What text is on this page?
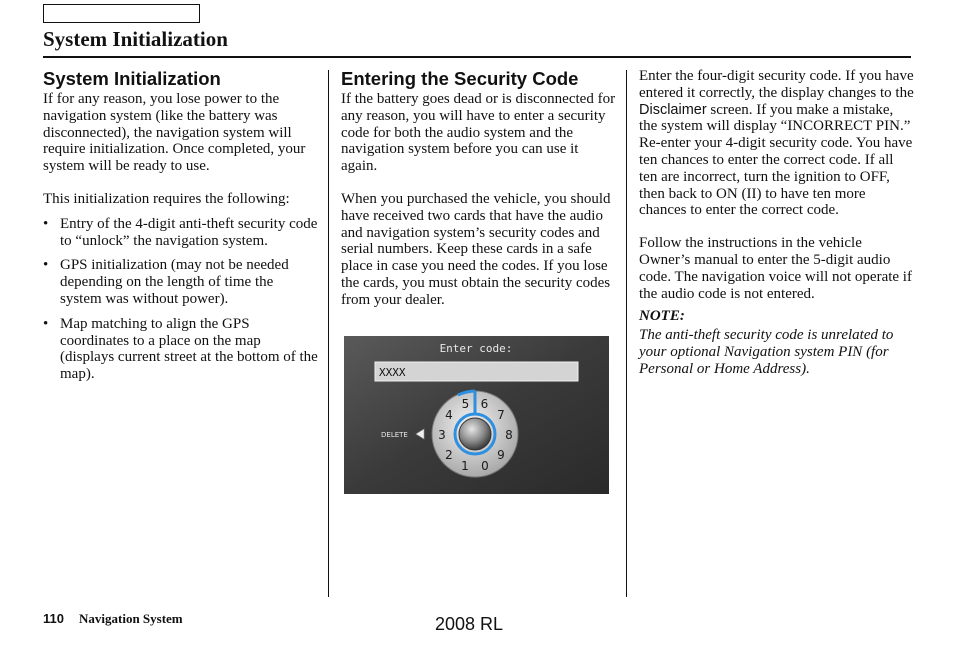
System Initialization
System Initialization

If for any reason, you lose power to the navigation system (like the battery was disconnected), the navigation system will require initialization. Once completed, your system will be ready to use.

This initialization requires the following:

• Entry of the 4-digit anti-theft security code to “unlock” the navigation system.
• GPS initialization (may not be needed depending on the length of time the system was without power).
• Map matching to align the GPS coordinates to a place on the map (displays current street at the bottom of the map).
Entering the Security Code

If the battery goes dead or is disconnected for any reason, you will have to enter a security code for both the audio system and the navigation system before you can use it again.

When you purchased the vehicle, you should have received two cards that have the audio and navigation system’s security codes and serial numbers. Keep these cards in a safe place in case you need the codes. If you lose the cards, you must obtain the security codes from your dealer.

Enter code:
XXXX
DELETE
5 6
7
8
9
0
1
2
3
4

Enter the four-digit security code. If you have entered it correctly, the display changes to the Disclaimer screen. If you make a mistake, the system will display “INCORRECT PIN.” Re-enter your 4-digit security code. You have ten chances to enter the correct code. If all ten are incorrect, turn the ignition to OFF, then back to ON (II) to have ten more chances to enter the correct code.

Follow the instructions in the vehicle Owner’s manual to enter the 5-digit audio code. The navigation voice will not operate if the audio code is not entered.

NOTE:
The anti-theft security code is unrelated to your optional Navigation system PIN (for Personal or Home Address).
110 Navigation System	2008 RL
